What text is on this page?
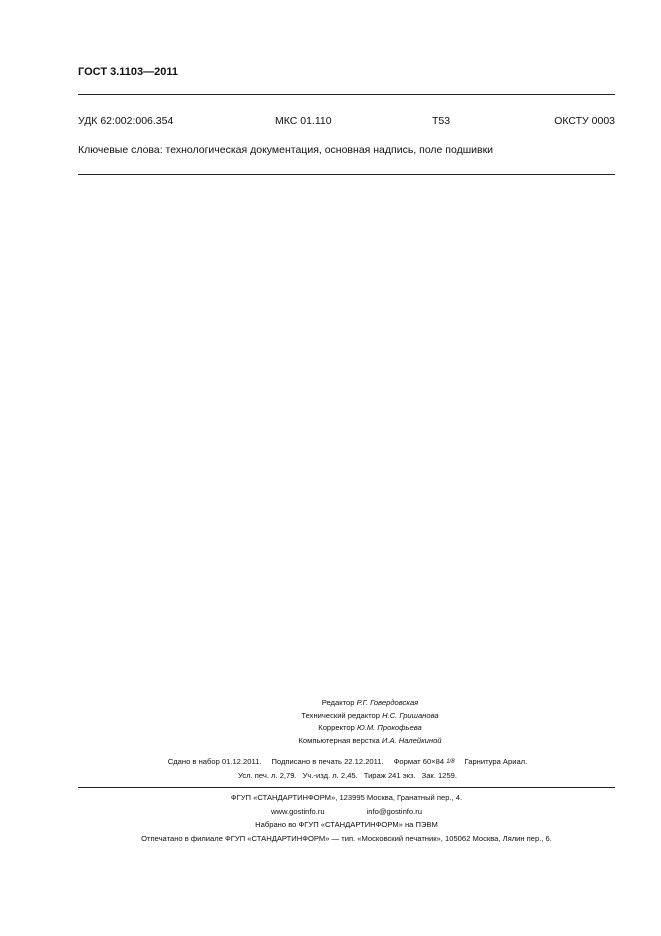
ГОСТ 3.1103—2011
УДК 62:002:006.354	МКС 01.110	Т53	ОКСТУ 0003
Ключевые слова: технологическая документация, основная надпись, поле подшивки
Редактор Р.Г. Говердовская
Технический редактор Н.С. Гришанова
Корректор Ю.М. Прокофьева
Компьютерная верстка И.А. Налейкиной
Сдано в набор 01.12.2011. Подписано в печать 22.12.2011. Формат 60×84 1/8 Гарнитура Ариал.
Усл. печ. л. 2,79. Уч.-изд. л. 2,45. Тираж 241 экз. Зак. 1259.
ФГУП «СТАНДАРТИНФОРМ», 123995 Москва, Гранатный пер., 4.
www.gostinfo.ru	info@gostinfo.ru
Набрано во ФГУП «СТАНДАРТИНФОРМ» на ПЭВМ
Отпечатано в филиале ФГУП «СТАНДАРТИНФОРМ» — тип. «Московский печатник», 105062 Москва, Лялин пер., 6.
